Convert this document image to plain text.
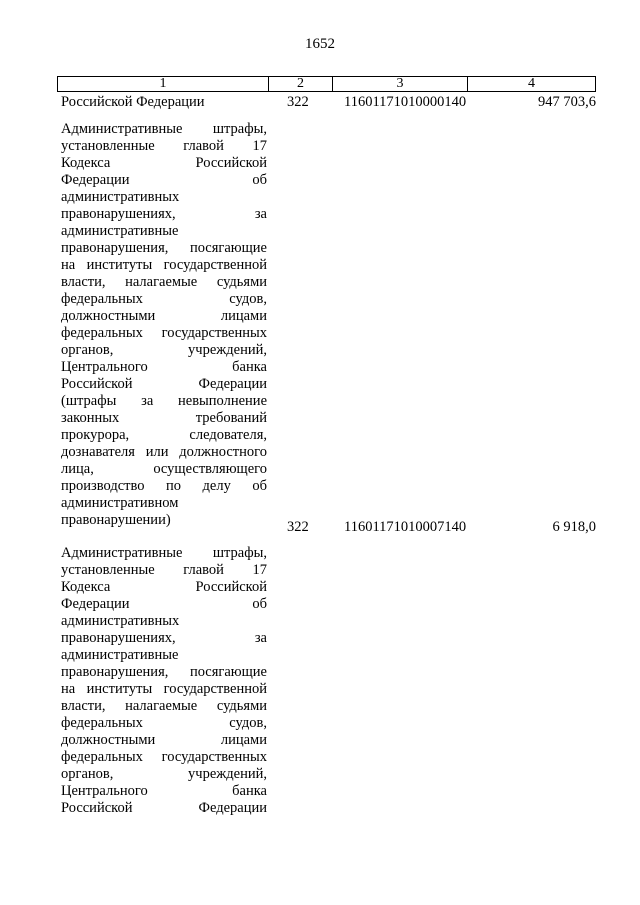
1652
1	2	3	4
Российской Федерации	322	11601171010000140	947 703,6
Административные штрафы,
установленные главой 17
Кодекса Российской
Федерации об
административных
правонарушениях, за
административные
правонарушения, посягающие
на институты государственной
власти, налагаемые судьями
федеральных судов,
должностными лицами
федеральных государственных
органов, учреждений,
Центрального банка
Российской Федерации
(штрафы за невыполнение
законных требований
прокурора, следователя,
дознавателя или должностного
лица, осуществляющего
производство по делу об
административном
правонарушении)	322	11601171010007140	6 918,0
Административные штрафы,
установленные главой 17
Кодекса Российской
Федерации об
административных
правонарушениях, за
административные
правонарушения, посягающие
на институты государственной
власти, налагаемые судьями
федеральных судов,
должностными лицами
федеральных государственных
органов, учреждений,
Центрального банка
Российской Федерации
